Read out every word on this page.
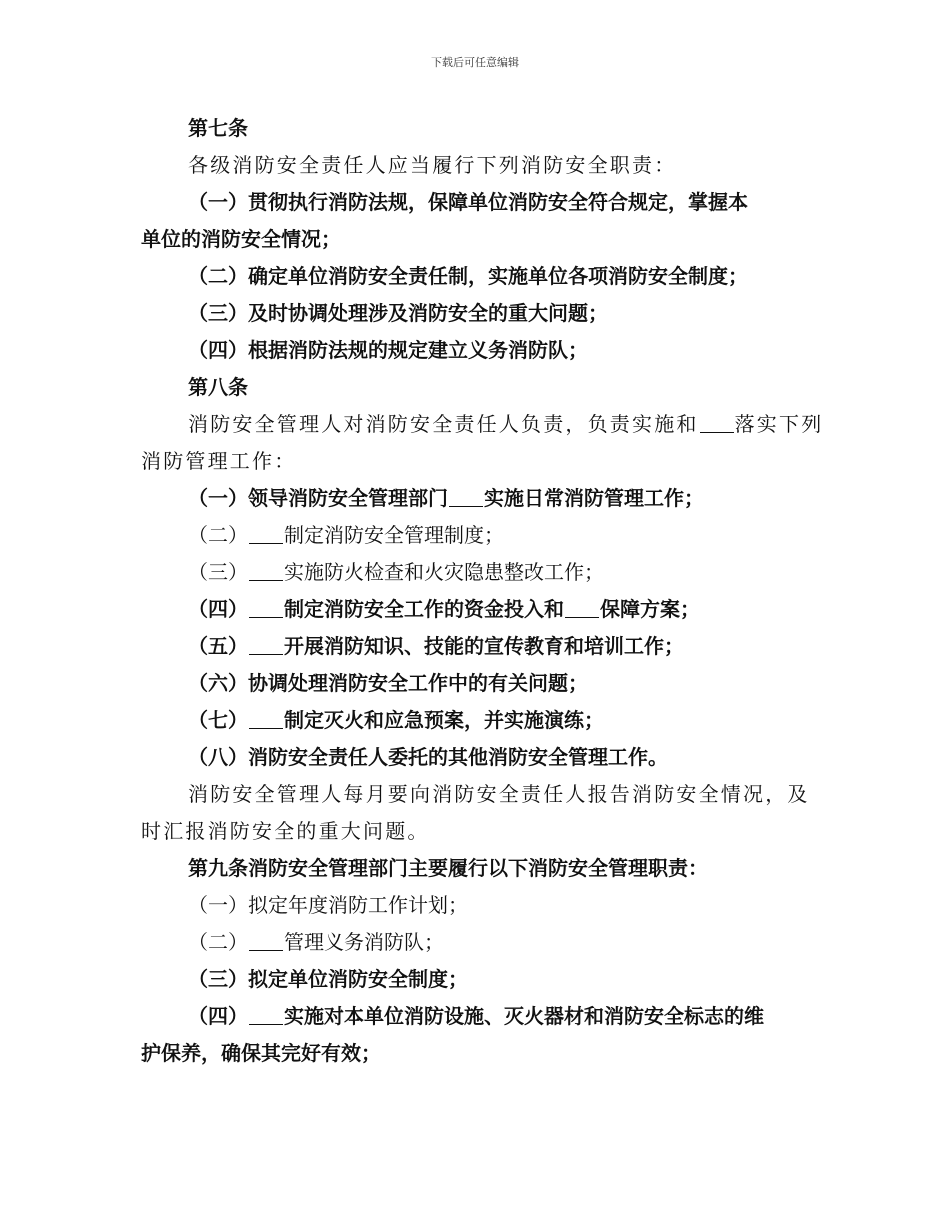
下载后可任意编辑
第七条
各级消防安全责任人应当履行下列消防安全职责：
（一）贯彻执行消防法规，保障单位消防安全符合规定，掌握本
单位的消防安全情况；
（二）确定单位消防安全责任制，实施单位各项消防安全制度；
（三）及时协调处理涉及消防安全的重大问题；
（四）根据消防法规的规定建立义务消防队；
第八条
消防安全管理人对消防安全责任人负责，负责实施和 落实下列
消防管理工作：
（一）领导消防安全管理部门 实施日常消防管理工作；
（二） 制定消防安全管理制度；
（三） 实施防火检查和火灾隐患整改工作；
（四） 制定消防安全工作的资金投入和 保障方案；
（五） 开展消防知识、技能的宣传教育和培训工作；
（六）协调处理消防安全工作中的有关问题；
（七） 制定灭火和应急预案，并实施演练；
（八）消防安全责任人委托的其他消防安全管理工作。
消防安全管理人每月要向消防安全责任人报告消防安全情况，及
时汇报消防安全的重大问题。
第九条消防安全管理部门主要履行以下消防安全管理职责：
（一）拟定年度消防工作计划；
（二） 管理义务消防队；
（三）拟定单位消防安全制度；
（四） 实施对本单位消防设施、灭火器材和消防安全标志的维
护保养，确保其完好有效；
